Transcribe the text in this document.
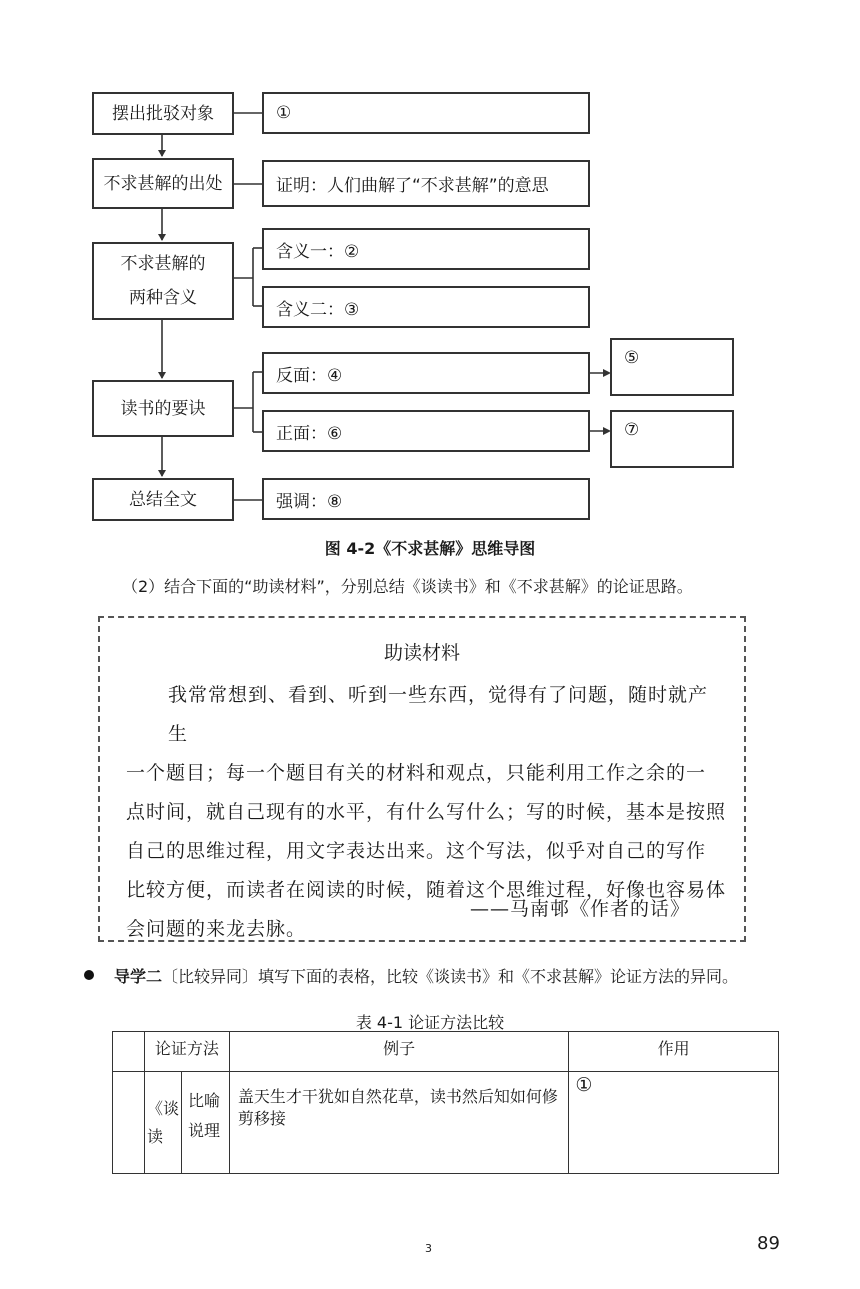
摆出批驳对象
不求甚解的出处
不求甚解的
两种含义
读书的要诀
总结全文
①
证明：人们曲解了“不求甚解”的意思
含义一：②
含义二：③
反面：④
正面：⑥
⑤
⑦
强调：⑧
图 4-2《不求甚解》思维导图
（2）结合下面的“助读材料”，分别总结《谈读书》和《不求甚解》的论证思路。
助读材料
我常常想到、看到、听到一些东西，觉得有了问题，随时就产生
一个题目；每一个题目有关的材料和观点，只能利用工作之余的一
点时间，就自己现有的水平，有什么写什么；写的时候，基本是按照
自己的思维过程，用文字表达出来。这个写法，似乎对自己的写作
比较方便，而读者在阅读的时候，随着这个思维过程，好像也容易体
会问题的来龙去脉。
——马南邨《作者的话》
导学二〔比较异同〕填写下面的表格，比较《谈读书》和《不求甚解》论证方法的异同。
表 4-1 论证方法比较
	论证方法		例子	作用
	《谈读	比喻说理	盖天生才干犹如自然花草，读书然后知如何修剪移接	①
3	89
